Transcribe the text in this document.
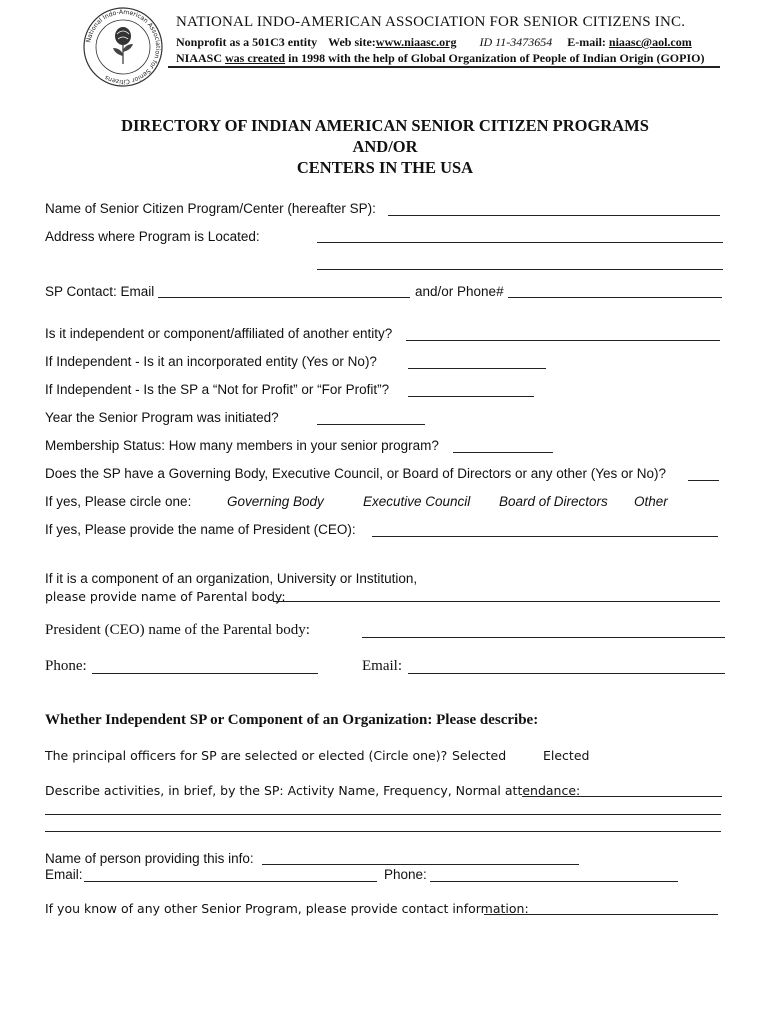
National Indo-American Association for Senior Citizens
NATIONAL INDO-AMERICAN ASSOCIATION FOR SENIOR CITIZENS INC.
Nonprofit as a 501C3 entity Web site:www.niaasc.org ID 11-3473654 E-mail: niaasc@aol.com
NIAASC was created in 1998 with the help of Global Organization of People of Indian Origin (GOPIO)
DIRECTORY OF INDIAN AMERICAN SENIOR CITIZEN PROGRAMS
AND/OR
CENTERS IN THE USA
Name of Senior Citizen Program/Center (hereafter SP):
Address where Program is Located:
SP Contact: Email	and/or Phone#
Is it independent or component/affiliated of another entity?
If Independent - Is it an incorporated entity (Yes or No)?
If Independent - Is the SP a “Not for Profit” or “For Profit”?
Year the Senior Program was initiated?
Membership Status: How many members in your senior program?
Does the SP have a Governing Body, Executive Council, or Board of Directors or any other (Yes or No)?
If yes, Please circle one:	Governing Body	Executive Council Board of Directors Other
If yes, Please provide the name of President (CEO):
If it is a component of an organization, University or Institution,
please provide name of Parental body:
President (CEO) name of the Parental body:
Phone:	Email:
Whether Independent SP or Component of an Organization: Please describe:
The principal officers for SP are selected or elected (Circle one)? Selected	Elected
Describe activities, in brief, by the SP: Activity Name, Frequency, Normal attendance:
Name of person providing this info:
Email:	Phone:
If you know of any other Senior Program, please provide contact information:
